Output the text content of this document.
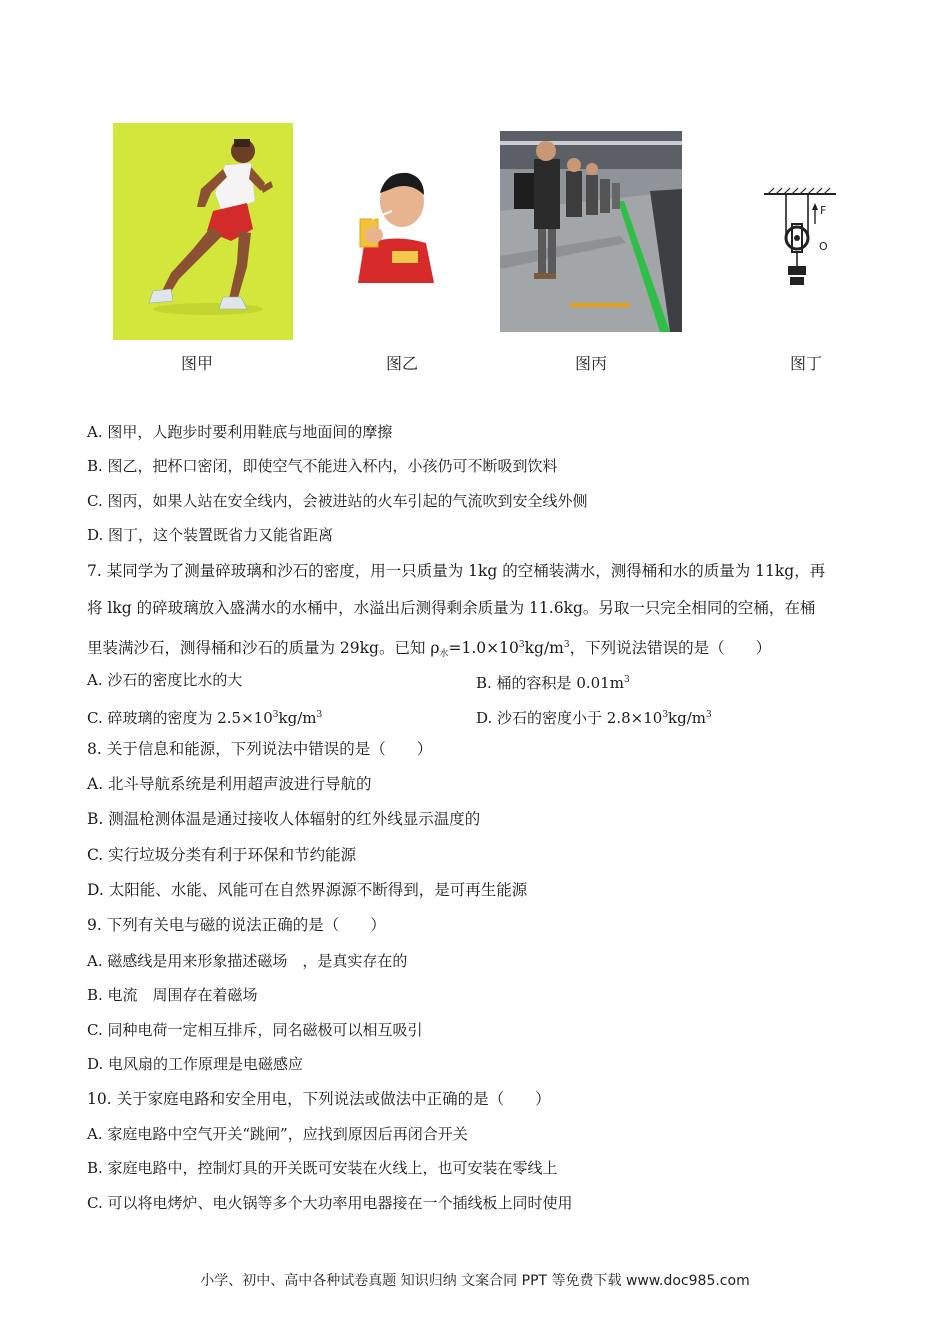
图甲	图乙	图丙
F
O
图丁
A. 图甲，人跑步时要利用鞋底与地面间的摩擦
B. 图乙，把杯口密闭，即使空气不能进入杯内，小孩仍可不断吸到饮料
C. 图丙，如果人站在安全线内，会被进站的火车引起的气流吹到安全线外侧
D. 图丁，这个装置既省力又能省距离
7. 某同学为了测量碎玻璃和沙石的密度，用一只质量为 1kg 的空桶装满水，测得桶和水的质量为 11kg，再
将 lkg 的碎玻璃放入盛满水的水桶中，水溢出后测得剩余质量为 11.6kg。另取一只完全相同的空桶，在桶
里装满沙石，测得桶和沙石的质量为 29kg。已知 $\rho_水=1.0\times 10^3kg/m^3$，下列说法错误的是（　　）
A. 沙石的密度比水的大	B. 桶的容积是 $0.01m^3$
C. 碎玻璃的密度为 $2.5\times 10^3kg/m^3$	D. 沙石的密度小于 $2.8\times 10^3kg/m^3$
8. 关于信息和能源，下列说法中错误的是（　　）
A. 北斗导航系统是利用超声波进行导航的
B. 测温枪测体温是通过接收人体辐射的红外线显示温度的
C. 实行垃圾分类有利于环保和节约能源
D. 太阳能、水能、风能可在自然界源源不断得到，是可再生能源
9. 下列有关电与磁的说法正确的是（　　）
A. 磁感线是用来形象描述磁场　，是真实存在的
B. 电流　周围存在着磁场
C. 同种电荷一定相互排斥，同名磁极可以相互吸引
D. 电风扇的工作原理是电磁感应
10. 关于家庭电路和安全用电，下列说法或做法中正确的是（　　）
A. 家庭电路中空气开关“跳闸”，应找到原因后再闭合开关
B. 家庭电路中，控制灯具的开关既可安装在火线上，也可安装在零线上
C. 可以将电烤炉、电火锅等多个大功率用电器接在一个插线板上同时使用
小学、初中、高中各种试卷真题 知识归纳 文案合同 PPT 等免费下载 www.doc985.com
